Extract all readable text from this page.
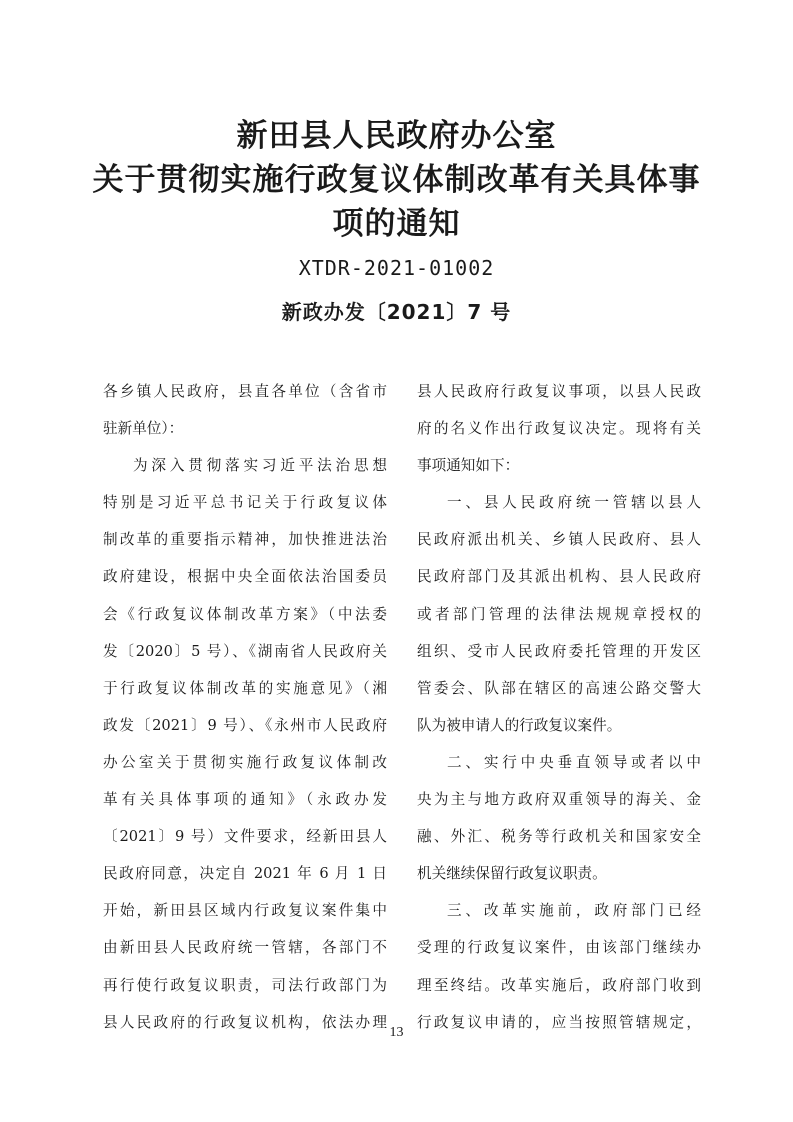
新田县人民政府办公室
关于贯彻实施行政复议体制改革有关具体事
项的通知
XTDR-2021-01002
新政办发〔2021〕7 号
各乡镇人民政府，县直各单位（含省市
驻新单位）：
为深入贯彻落实习近平法治思想
特别是习近平总书记关于行政复议体
制改革的重要指示精神，加快推进法治
政府建设，根据中央全面依法治国委员
会《行政复议体制改革方案》（中法委
发〔2020〕5 号）、《湖南省人民政府关
于行政复议体制改革的实施意见》（湘
政发〔2021〕9 号）、《永州市人民政府
办公室关于贯彻实施行政复议体制改
革有关具体事项的通知》（永政办发
〔2021〕9 号）文件要求，经新田县人
民政府同意，决定自 2021 年 6 月 1 日
开始，新田县区域内行政复议案件集中
由新田县人民政府统一管辖，各部门不
再行使行政复议职责，司法行政部门为
县人民政府的行政复议机构，依法办理
县人民政府行政复议事项，以县人民政
府的名义作出行政复议决定。现将有关
事项通知如下：
一、县人民政府统一管辖以县人
民政府派出机关、乡镇人民政府、县人
民政府部门及其派出机构、县人民政府
或者部门管理的法律法规规章授权的
组织、受市人民政府委托管理的开发区
管委会、队部在辖区的高速公路交警大
队为被申请人的行政复议案件。
二、实行中央垂直领导或者以中
央为主与地方政府双重领导的海关、金
融、外汇、税务等行政机关和国家安全
机关继续保留行政复议职责。
三、改革实施前，政府部门已经
受理的行政复议案件，由该部门继续办
理至终结。改革实施后，政府部门收到
行政复议申请的，应当按照管辖规定，
13
